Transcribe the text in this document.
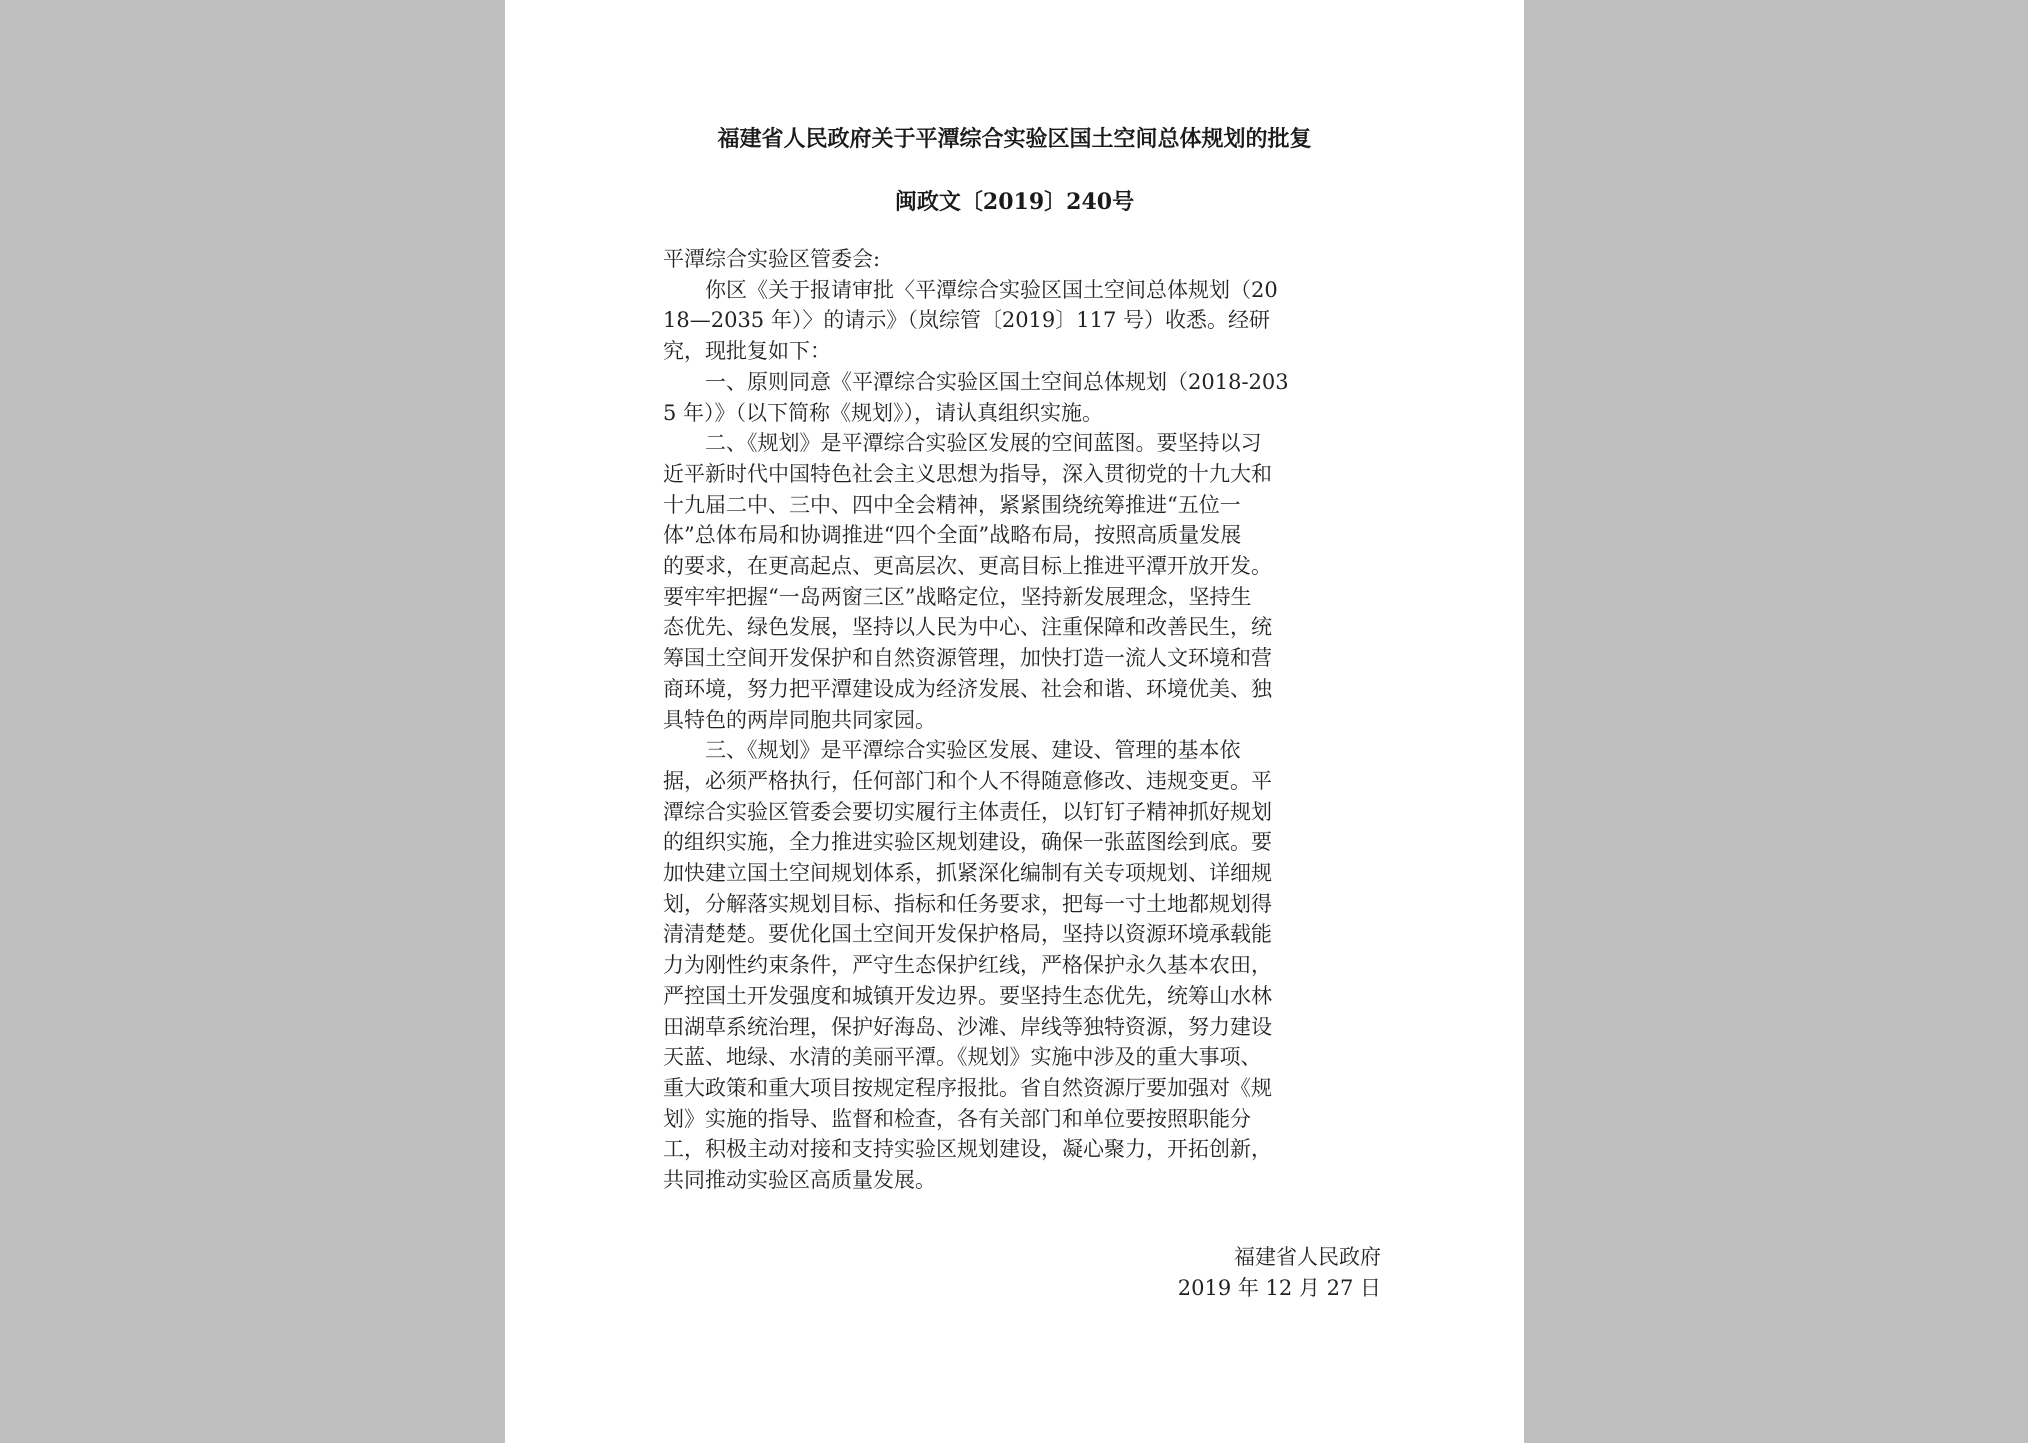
福建省人民政府关于平潭综合实验区国土空间总体规划的批复
闽政文〔2019〕240号

平潭综合实验区管委会:

　　你区《关于报请审批〈平潭综合实验区国土空间总体规划（20
18—2035 年）〉的请示》（岚综管〔2019〕117 号）收悉。经研
究，现批复如下：

　　一、原则同意《平潭综合实验区国土空间总体规划（2018-203
5 年）》（以下简称《规划》），请认真组织实施。

　　二、《规划》是平潭综合实验区发展的空间蓝图。要坚持以习
近平新时代中国特色社会主义思想为指导，深入贯彻党的十九大和
十九届二中、三中、四中全会精神，紧紧围绕统筹推进“五位一
体”总体布局和协调推进“四个全面”战略布局，按照高质量发展
的要求，在更高起点、更高层次、更高目标上推进平潭开放开发。
要牢牢把握“一岛两窗三区”战略定位，坚持新发展理念，坚持生
态优先、绿色发展，坚持以人民为中心、注重保障和改善民生，统
筹国土空间开发保护和自然资源管理，加快打造一流人文环境和营
商环境，努力把平潭建设成为经济发展、社会和谐、环境优美、独
具特色的两岸同胞共同家园。

　　三、《规划》是平潭综合实验区发展、建设、管理的基本依
据，必须严格执行，任何部门和个人不得随意修改、违规变更。平
潭综合实验区管委会要切实履行主体责任，以钉钉子精神抓好规划
的组织实施，全力推进实验区规划建设，确保一张蓝图绘到底。要
加快建立国土空间规划体系，抓紧深化编制有关专项规划、详细规
划，分解落实规划目标、指标和任务要求，把每一寸土地都规划得
清清楚楚。要优化国土空间开发保护格局，坚持以资源环境承载能
力为刚性约束条件，严守生态保护红线，严格保护永久基本农田，
严控国土开发强度和城镇开发边界。要坚持生态优先，统筹山水林
田湖草系统治理，保护好海岛、沙滩、岸线等独特资源，努力建设
天蓝、地绿、水清的美丽平潭。《规划》实施中涉及的重大事项、
重大政策和重大项目按规定程序报批。省自然资源厅要加强对《规
划》实施的指导、监督和检查，各有关部门和单位要按照职能分
工，积极主动对接和支持实验区规划建设，凝心聚力，开拓创新，
共同推动实验区高质量发展。

福建省人民政府
2019 年 12 月 27 日
